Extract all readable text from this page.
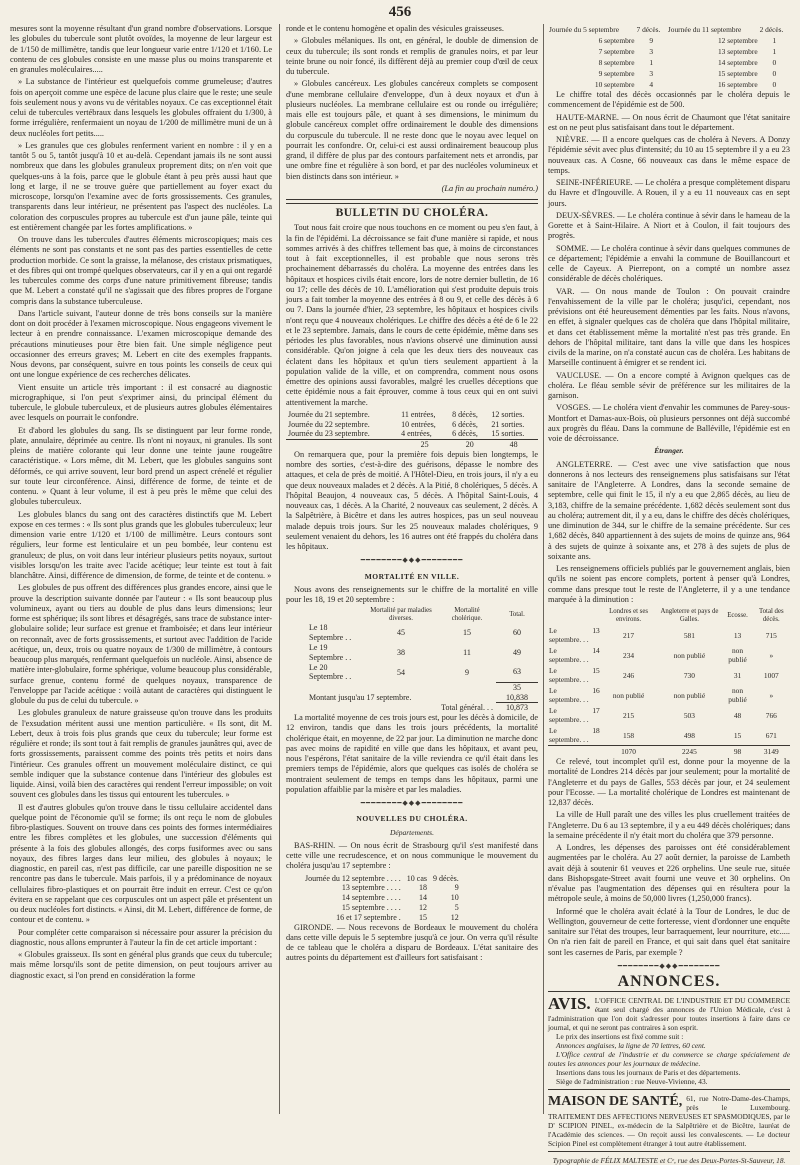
456

mesures sont la moyenne résultant d'un grand nombre d'observations. Lorsque les globules du tubercule sont plutôt ovoïdes, la moyenne de leur largeur est de 1/150 de millimètre, tandis que leur longueur varie entre 1/120 et 1/160. Le contenu de ces globules consiste en une masse plus ou moins transparente et en granules moléculaires.....

» La substance de l'intérieur est quelquefois comme grumeleuse; d'autres fois on aperçoit comme une espèce de lacune plus claire que le reste; une seule fois seulement nous y avons vu de véritables noyaux. Ce cas exceptionnel était celui de tubercules vertébraux dans lesquels les globules offraient du 1/300, à forme irrégulière, renfermaient un noyau de 1/200 de millimètre muni de un à deux nucléoles fort petits.....

» Les granules que ces globules renferment varient en nombre : il y en a tantôt 5 ou 5, tantôt jusqu'à 10 et au-delà. Cependant jamais ils ne sont aussi nombreux que dans les globules granuleux proprement dits; on n'en voit que quelques-uns à la fois, parce que le globule étant à peu près aussi haut que long et large, il ne se trouve guère que partiellement au foyer exact du microscope, lorsqu'on l'examine avec de forts grossissements. Ces granules, transparents dans leur intérieur, ne présentent pas l'aspect des nucléoles. La coloration des corpuscules propres au tubercule est d'un jaune pâle, teinte qui est entièrement changée par les fortes amplifications. »

On trouve dans les tubercules d'autres éléments microscopiques; mais ces éléments ne sont pas constants et ne sont pas des parties essentielles de cette production morbide. Ce sont la graisse, la mélanose, des cristaux prismatiques, et des fibres qui ont trompé quelques observateurs, car il y en a qui ont regardé les tubercules comme des corps d'une nature primitivement fibreuse; tandis que M. Lebert a constaté qu'il ne s'agissait que des fibres propres de l'organe compris dans la substance tuberculeuse.

Dans l'article suivant, l'auteur donne de très bons conseils sur la manière dont on doit procéder à l'examen microscopique. Nous engageons vivement le lecteur à en prendre connaissance. L'examen microscopique demande des précautions minutieuses pour être bien fait. Une simple négligence peut occasionner des erreurs graves; M. Lebert en cite des exemples frappants. Nous devons, par conséquent, suivre en tous points les conseils de ceux qui ont une longue expérience de ces recherches délicates.

Vient ensuite un article très important : il est consacré au diagnostic micrographique, si l'on peut s'exprimer ainsi, du principal élément du tubercule, le globule tuberculeux, et de plusieurs autres globules élémentaires avec lesquels on pourrait le confondre.

Et d'abord les globules du sang. Ils se distinguent par leur forme ronde, plate, annulaire, déprimée au centre. Ils n'ont ni noyaux, ni granules. Ils sont pleins de matière colorante qui leur donne une teinte jaune rougeâtre caractéristique. « Lors même, dit M. Lebert, que les globules sanguins sont déformés, ce qui arrive souvent, leur bord prend un aspect crénelé et régulier sur toute leur circonférence. Ainsi, différence de forme, de teinte et de contenu. » Quant à leur volume, il est à peu près le même que celui des globules tuberculeux.

Les globules blancs du sang ont des caractères distinctifs que M. Lebert expose en ces termes : « Ils sont plus grands que les globules tuberculeux; leur dimension varie entre 1/120 et 1/100 de millimètre. Leurs contours sont réguliers, leur forme est lenticulaire et un peu bombée, leur contenu est granuleux; de plus, on voit dans leur intérieur plusieurs petits noyaux, surtout visibles lorsqu'on les traite avec l'acide acétique; leur teinte est tout à fait blanchâtre. Ainsi, différence de dimension, de forme, de teinte et de contenu. »

Les globules de pus offrent des différences plus grandes encore, ainsi que le prouve la description suivante donnée par l'auteur : « Ils sont beaucoup plus volumineux, ayant ou tiers au double de plus dans leurs dimensions; leur forme est sphérique; ils sont libres et désagrégés, sans trace de substance inter-globulaire solide; leur surface est grenue et framboisée; et dans leur intérieur on reconnaît, avec de forts grossissements, et surtout avec l'addition de l'acide acétique, un, deux, trois ou quatre noyaux de 1/300 de millimètre, à contours beaucoup plus marqués, renfermant quelquefois un nucléole. Ainsi, absence de matière inter-globulaire, forme sphérique, volume beaucoup plus considérable, surface grenue, contenu formé de quelques noyaux, transparence de l'enveloppe par l'acide acétique : voilà autant de caractères qui distinguent le globule du pus de celui du tubercule. »

Les globules granuleux de nature graisseuse qu'on trouve dans les produits de l'exsudation méritent aussi une mention particulière. « Ils sont, dit M. Lebert, deux à trois fois plus grands que ceux du tubercule; leur forme est régulière et ronde; ils sont tout à fait remplis de granules jaunâtres qui, avec de forts grossissements, paraissent comme des points très petits et noirs dans l'intérieur. Ces granules offrent un mouvement moléculaire distinct, ce qui semble indiquer que la substance contenue dans l'intérieur des globules est liquide. Ainsi, voilà bien des caractères qui rendent l'erreur impossible; on voit souvent ces globules dans les tissus qui entourent les tubercules. »

Il est d'autres globules qu'on trouve dans le tissu cellulaire accidentel dans quelque point de l'économie qu'il se forme; ils ont reçu le nom de globules fibro-plastiques. Souvent on trouve dans ces points des formes intermédiaires entre les fibres complètes et les globules, une succession d'éléments qui présente à la fois des globules allongés, des corps fusiformes avec ou sans noyaux, des fibres larges dans leur milieu, des globules à noyaux; le diagnostic, en pareil cas, n'est pas difficile, car une pareille disposition ne se rencontre pas dans le tubercule. Mais parfois, il y a prédominance de noyaux cellulaires fibro-plastiques et on pourrait être induit en erreur. C'est ce qu'on évitera en se rappelant que ces corpuscules ont un aspect pâle et présentent un ou deux nucléoles fort distincts. « Ainsi, dit M. Lebert, différence de forme, de contour et de contenu. »

Pour compléter cette comparaison si nécessaire pour assurer la précision du diagnostic, nous allons emprunter à l'auteur la fin de cet article important :

« Globules graisseux. Ils sont en général plus grands que ceux du tubercule; mais même lorsqu'ils sont de petite dimension, on peut toujours arriver au diagnostic exact, si l'on prend en considération la forme

ronde et le contenu homogène et opalin des vésicules graisseuses.

» Globules mélaniques. Ils ont, en général, le double de dimension de ceux du tubercule; ils sont ronds et remplis de granules noirs, et par leur teinte brune ou noir foncé, ils diffèrent déjà au premier coup d'œil de ceux du tubercule.

» Globules cancéreux. Les globules cancéreux complets se composent d'une membrane cellulaire d'enveloppe, d'un à deux noyaux et d'un à plusieurs nucléoles. La membrane cellulaire est ou ronde ou irrégulière; mais elle est toujours pâle, et quant à ses dimensions, le minimum du globule cancéreux complet offre ordinairement le double des dimensions du corpuscule du tubercule. Il ne reste donc que le noyau avec lequel on pourrait les confondre. Or, celui-ci est aussi ordinairement beaucoup plus grand, il diffère de plus par des contours parfaitement nets et arrondis, par une ombre fine et régulière à son bord, et par des nucléoles volumineux et bien distincts dans son intérieur. »

(La fin au prochain numéro.)
BULLETIN DU CHOLÉRA.

Tout nous fait croire que nous touchons en ce moment ou peu s'en faut, à la fin de l'épidémi. La décroissance se fait d'une manière si rapide, et nous sommes arrivés à des chiffres tellement bas que, à moins de circonstances tout à fait exceptionnelles, il est probable que nous serons très prochainement débarrassés du choléra. La moyenne des entrées dans les hôpitaux et hospices civils était encore, lors de notre dernier bulletin, de 16 ou 17; celle des décès de 10. L'amélioration qui s'est produite depuis trois jours a fait tomber la moyenne des entrées à 8 ou 9, et celle des décès à 6 ou 7. Dans la journée d'hier, 23 septembre, les hôpitaux et hospices civils n'ont reçu que 4 nouveaux cholériques. Le chiffre des décès a été de 6 le 22 et le 23 septembre. Jamais, dans le cours de cette épidémie, même dans ses périodes les plus favorables, nous n'avions observé une diminution aussi considérable. Qu'on joigne à cela que les deux tiers des nouveaux cas éclatent dans les hôpitaux et qu'un tiers seulement appartient à la population valide de la ville, et on comprendra, comment nous osons émettre des opinions aussi favorables, malgré les cruelles déceptions que cette épidémie nous a fait éprouver, comme à tous ceux qui en ont suivi attentivement la marche.

Journée du 21 septembre.	11 entrées,	8 décès,	12 sorties.
Journée du 22 septembre.	10 entrées,	6 décès,	21 sorties.
Journée du 23 septembre.	4 entrées,	6 décès,	15 sorties.
	25	20	48

On remarquera que, pour la première fois depuis bien longtemps, le nombre des sorties, c'est-à-dire des guérisons, dépasse le nombre des attaques, et cela de près de moitié. A l'Hôtel-Dieu, en trois jours, il n'y a eu que deux nouveaux malades et 2 décès. A la Pitié, 8 cholériques, 5 décès. A l'hôpital Beaujon, 4 nouveaux cas, 5 décès. A l'hôpital Saint-Louis, 4 nouveaux cas, 1 décès. A la Charité, 2 nouveaux cas seulement, 2 décès. A la Salpêtrière, à Bicêtre et dans les autres hospices, pas un seul nouveau malade depuis trois jours. Sur les 25 nouveaux malades cholériques, 9 seulement venaient du dehors, les 16 autres ont été frappés du choléra dans les hôpitaux.

━━━━━━━━◆◆◆━━━━━━━━
MORTALITÉ EN VILLE.

Nous avons des renseignements sur le chiffre de la mortalité en ville pour les 18, 19 et 20 septembre :

	Mortalité par maladies diverses.	Mortalité cholérique.	Total.
Le 18 Septembre . .	45	15	60
Le 19 Septembre . .	38	11	49
Le 20 Septembre . .	54	9	63
			35
Montant jusqu'au 17 septembre.			10,838
Total général. . .			10,873

La mortalité moyenne de ces trois jours est, pour les décès à domicile, de 12 environ, tandis que dans les trois jours précédents, la mortalité cholérique était, en moyenne, de 22 par jour. La diminution ne marche donc pas avec moins de rapidité en ville que dans les hôpitaux, et avant peu, nous l'espérons, l'état sanitaire de la ville reviendra ce qu'il était dans les premiers temps de l'épidémie, alors que quelques cas isolés de choléra se montraient seulement de temps en temps dans les hôpitaux, parmi une population affaiblie par la misère et par les maladies.

━━━━━━━━◆◆◆━━━━━━━━
NOUVELLES DU CHOLÉRA.
Départements.

BAS-RHIN. — On nous écrit de Strasbourg qu'il s'est manifesté dans cette ville une recrudescence, et on nous communique le mouvement du choléra jusqu'au 17 septembre :

Journée du 12 septembre . . . .	10 cas	9 décès.
13 septembre . . . .	18	9
14 septembre . . . .	14	10
15 septembre . . . .	12	5
16 et 17 septembre .	15	12

GIRONDE. — Nous recevons de Bordeaux le mouvement du choléra dans cette ville depuis le 5 septembre jusqu'à ce jour. On verra qu'il résulte de ce tableau que le choléra a disparu de Bordeaux. L'état sanitaire des autres points du département est d'ailleurs fort satisfaisant :

Journée du 5 septembre	7 décès.	Journée du 11 septembre	2 décès.
6 septembre	9	12 septembre	1
7 septembre	3	13 septembre	1
8 septembre	1	14 septembre	0
9 septembre	3	15 septembre	0
10 septembre	4	16 septembre	0

Le chiffre total des décès occasionnés par le choléra depuis le commencement de l'épidémie est de 500.

HAUTE-MARNE. — On nous écrit de Chaumont que l'état sanitaire est on ne peut plus satisfaisant dans tout le département.

NIÈVRE. — Il a encore quelques cas de choléra à Nevers. A Donzy l'épidémie sévit avec plus d'intensité; du 10 au 15 septembre il y a eu 23 nouveaux cas. A Cosne, 66 nouveaux cas dans le même espace de temps.

SEINE-INFÉRIEURE. — Le choléra a presque complètement disparu du Havre et d'Ingouville. A Rouen, il y a eu 11 nouveaux cas en sept jours.

DEUX-SÈVRES. — Le choléra continue à sévir dans le hameau de la Gorette et à Saint-Hilaire. A Niort et à Coulon, il fait toujours des progrès.

SOMME. — Le choléra continue à sévir dans quelques communes de ce département; l'épidémie a envahi la commune de Bouillancourt et celle de Cayeux. A Pierrepont, on a compté un nombre assez considérable de décès cholériques.

VAR. — On nous mande de Toulon : On pouvait craindre l'envahissement de la ville par le choléra; jusqu'ici, cependant, nos prévisions ont été heureusement démenties par les faits. Nous n'avons, en effet, à signaler quelques cas de choléra que dans l'hôpital militaire, et dans cet établissement même la mortalité n'est pas très grande. En dehors de l'hôpital militaire, tant dans la ville que dans les hospices civils de la marine, on n'a constaté aucun cas de choléra. Les habitans de Marseille continuent à émigrer et se rendent ici.

VAUCLUSE. — On a encore compté à Avignon quelques cas de choléra. Le fléau semble sévir de préférence sur les militaires de la garnison.

VOSGES. — Le choléra vient d'envahir les communes de Parey-sous-Montfort et Damas-aux-Bois, où plusieurs personnes ont déjà succombé aux progrès du fléau. Dans la commune de Balléville, l'épidémie est en voie de décroissance.

Étranger.

ANGLETERRE. — C'est avec une vive satisfaction que nous donnerons à nos lecteurs des renseignemens plus satisfaisans sur l'état sanitaire de l'Angleterre. A Londres, dans la seconde semaine de septembre, celle qui finit le 15, il n'y a eu que 2,865 décès, au lieu de 3,183, chiffre de la semaine précédente. 1,682 décès seulement sont dus au choléra; autrement dit, il y a eu, dans le chiffre des décès cholériques, une diminution de 344, sur le chiffre de la semaine précédente. Sur ces 1,682 décès, 840 appartiennent à des sujets de moins de quinze ans, 964 à des sujets de quinze à soixante ans, et 278 à des sujets de plus de soixante ans.

Les renseignemens officiels publiés par le gouvernement anglais, bien qu'ils ne soient pas encore complets, portent à penser qu'à Londres, comme dans presque tout le reste de l'Angleterre, il y a une tendance marquée à la diminution :

	Londres et ses environs.	Angleterre et pays de Galles.	Ecosse.	Total des décès.
Le 13 septembre. . .	217	581	13	715
Le 14 septembre. . .	234	non publié	non publié	»
Le 15 septembre. . .	246	730	31	1007
Le 16 septembre. . .	non publié	non publié	non publié	»
Le 17 septembre. . .	215	503	48	766
Le 18 septembre. . .	158	498	15	671
	1070	2245	98	3149

Ce relevé, tout incomplet qu'il est, donne pour la moyenne de la mortalité de Londres 214 décès par jour seulement; pour la mortalité de l'Angleterre et du pays de Galles, 553 décès par jour, et 24 seulement pour l'Ecosse. — La mortalité cholérique de Londres est maintenant de 12,837 décès.

La ville de Hull paraît une des villes les plus cruellement traitées de l'Angleterre. Du 6 au 13 septembre, il y a eu 449 décès cholériques; dans la semaine précédente il n'y était mort du choléra que 379 personne.

A Londres, les dépenses des paroisses ont été considérablement augmentées par le choléra. Au 27 août dernier, la paroisse de Lambeth avait déjà à soutenir 61 veuves et 226 orphelins. Une seule rue, située dans Bishopsgate-Street avait fourni une veuve et 30 orphelins. On n'évalue pas l'augmentation des dépenses qui en résultera pour la métropole seule, à moins de 50,000 livres (1,250,000 francs).

Informé que le choléra avait éclaté à la Tour de Londres, le duc de Wellington, gouverneur de cette forteresse, vient d'ordonner une enquête sanitaire sur l'état des troupes, leur barraquement, leur nourriture, etc..... On n'a rien fait de pareil en France, et qui sait dans quel état sanitaire sont les casernes de Paris, par exemple ?

━━━━━━━━◆◆◆━━━━━━━━
ANNONCES.
AVIS. L'OFFICE CENTRAL DE L'INDUSTRIE ET DU COMMERCE étant seul chargé des annonces de l'Union Médicale, c'est à l'administration que l'on doit s'adresser pour toutes insertions à faire dans ce journal, et qui ne seront pas contraires à son esprit.
Le prix des insertions est fixé comme suit :
Annonces anglaises, la ligne de 70 lettres, 60 cent.
L'Office central de l'industrie et du commerce se charge spécialement de toutes les annonces pour les journaux de médecine.
Insertions dans tous les journaux de Paris et des départements.
Siège de l'administration : rue Neuve-Vivienne, 43.
MAISON DE SANTÉ, 61, rue Notre-Dame-des-Champs, près le Luxembourg. TRAITEMENT DES AFFECTIONS NERVEUSES ET SPASMODIQUES, par le D' SCIPION PINEL, ex-médecin de la Salpêtrière et de Bicêtre, lauréat de l'Académie des sciences. — On reçoit aussi les convalescents. — Le docteur Scipion Pinel est complètement étranger à tout autre établissement.
Typographie de FÉLIX MALTESTE et Cᵉ, rue des Deux-Portes-St-Sauveur, 18.
